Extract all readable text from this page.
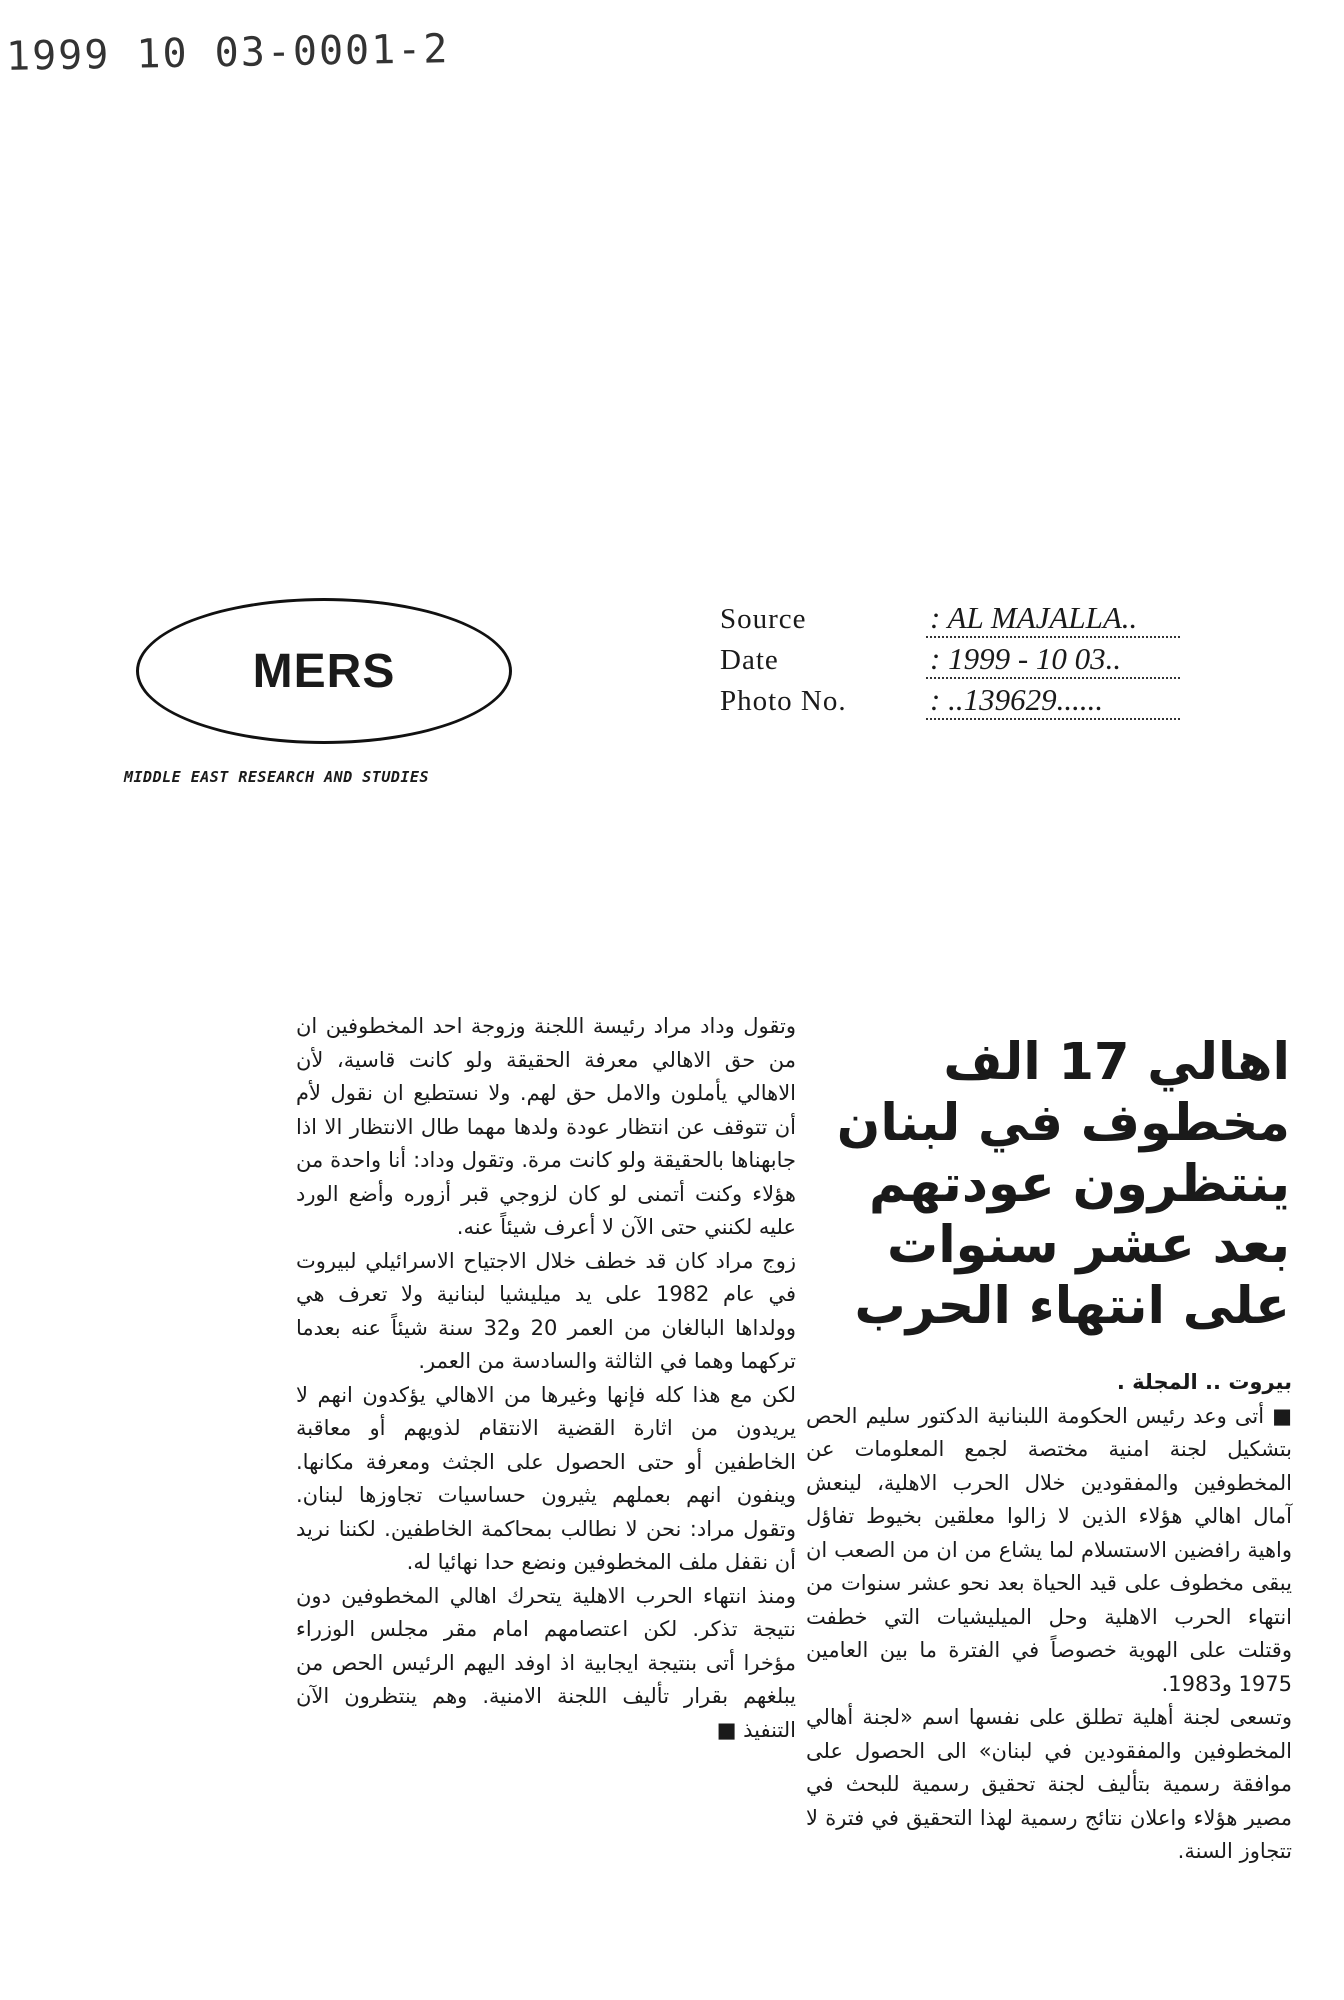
1999 10 03-0001-2
MERS
MIDDLE EAST RESEARCH AND STUDIES
Source	: AL MAJALLA..
Date	: 1999 - 10 03..
Photo No.	: ..139629......
اهالي 17 الف مخطوف في لبنان ينتظرون عودتهم بعد عشر سنوات على انتهاء الحرب

بيروت .. المجلة .

■ أتى وعد رئيس الحكومة اللبنانية الدكتور سليم الحص بتشكيل لجنة امنية مختصة لجمع المعلومات عن المخطوفين والمفقودين خلال الحرب الاهلية، لينعش آمال اهالي هؤلاء الذين لا زالوا معلقين بخيوط تفاؤل واهية رافضين الاستسلام لما يشاع من ان من الصعب ان يبقى مخطوف على قيد الحياة بعد نحو عشر سنوات من انتهاء الحرب الاهلية وحل الميليشيات التي خطفت وقتلت على الهوية خصوصاً في الفترة ما بين العامين 1975 و1983.

وتسعى لجنة أهلية تطلق على نفسها اسم «لجنة أهالي المخطوفين والمفقودين في لبنان» الى الحصول على موافقة رسمية بتأليف لجنة تحقيق رسمية للبحث في مصير هؤلاء واعلان نتائج رسمية لهذا التحقيق في فترة لا تتجاوز السنة.

وتقول وداد مراد رئيسة اللجنة وزوجة احد المخطوفين ان من حق الاهالي معرفة الحقيقة ولو كانت قاسية، لأن الاهالي يأملون والامل حق لهم. ولا نستطيع ان نقول لأم أن تتوقف عن انتظار عودة ولدها مهما طال الانتظار الا اذا جابهناها بالحقيقة ولو كانت مرة. وتقول وداد: أنا واحدة من هؤلاء وكنت أتمنى لو كان لزوجي قبر أزوره وأضع الورد عليه لكنني حتى الآن لا أعرف شيئاً عنه.

زوج مراد كان قد خطف خلال الاجتياح الاسرائيلي لبيروت في عام 1982 على يد ميليشيا لبنانية ولا تعرف هي وولداها البالغان من العمر 20 و32 سنة شيئاً عنه بعدما تركهما وهما في الثالثة والسادسة من العمر.

لكن مع هذا كله فإنها وغيرها من الاهالي يؤكدون انهم لا يريدون من اثارة القضية الانتقام لذويهم أو معاقبة الخاطفين أو حتى الحصول على الجثث ومعرفة مكانها. وينفون انهم بعملهم يثيرون حساسيات تجاوزها لبنان. وتقول مراد: نحن لا نطالب بمحاكمة الخاطفين. لكننا نريد أن نقفل ملف المخطوفين ونضع حدا نهائيا له.

ومنذ انتهاء الحرب الاهلية يتحرك اهالي المخطوفين دون نتيجة تذكر. لكن اعتصامهم امام مقر مجلس الوزراء مؤخرا أتى بنتيجة ايجابية اذ اوفد اليهم الرئيس الحص من يبلغهم بقرار تأليف اللجنة الامنية. وهم ينتظرون الآن التنفيذ ■
